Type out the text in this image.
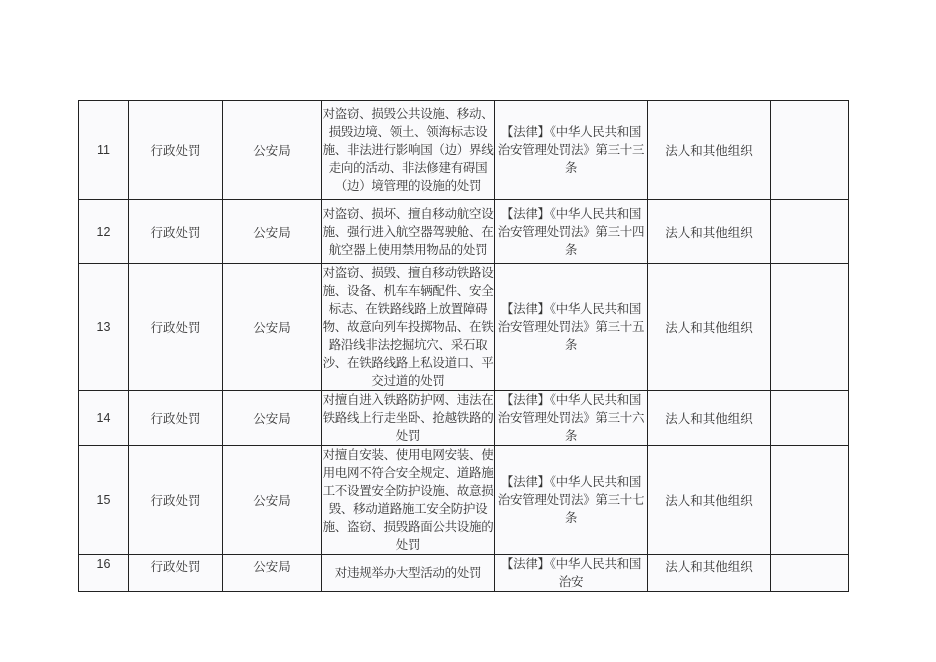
11	行政处罚	公安局	对盗窃、损毁公共设施、移动、损毁边境、领土、领海标志设施、非法进行影响国（边）界线走向的活动、非法修建有碍国（边）境管理的设施的处罚	【法律】《中华人民共和国治安管理处罚法》第三十三条	法人和其他组织	
12	行政处罚	公安局	对盗窃、损坏、擅自移动航空设施、强行进入航空器驾驶舱、在航空器上使用禁用物品的处罚	【法律】《中华人民共和国治安管理处罚法》第三十四条	法人和其他组织	
13	行政处罚	公安局	对盗窃、损毁、擅自移动铁路设施、设备、机车车辆配件、安全标志、在铁路线路上放置障碍物、故意向列车投掷物品、在铁路沿线非法挖掘坑穴、采石取沙、在铁路线路上私设道口、平交过道的处罚	【法律】《中华人民共和国治安管理处罚法》第三十五条	法人和其他组织	
14	行政处罚	公安局	对擅自进入铁路防护网、违法在铁路线上行走坐卧、抢越铁路的处罚	【法律】《中华人民共和国治安管理处罚法》第三十六条	法人和其他组织	
15	行政处罚	公安局	对擅自安装、使用电网安装、使用电网不符合安全规定、道路施工不设置安全防护设施、故意损毁、移动道路施工安全防护设施、盗窃、损毁路面公共设施的处罚	【法律】《中华人民共和国治安管理处罚法》第三十七条	法人和其他组织	
16	行政处罚	公安局	对违规举办大型活动的处罚	【法律】《中华人民共和国治安	法人和其他组织	
